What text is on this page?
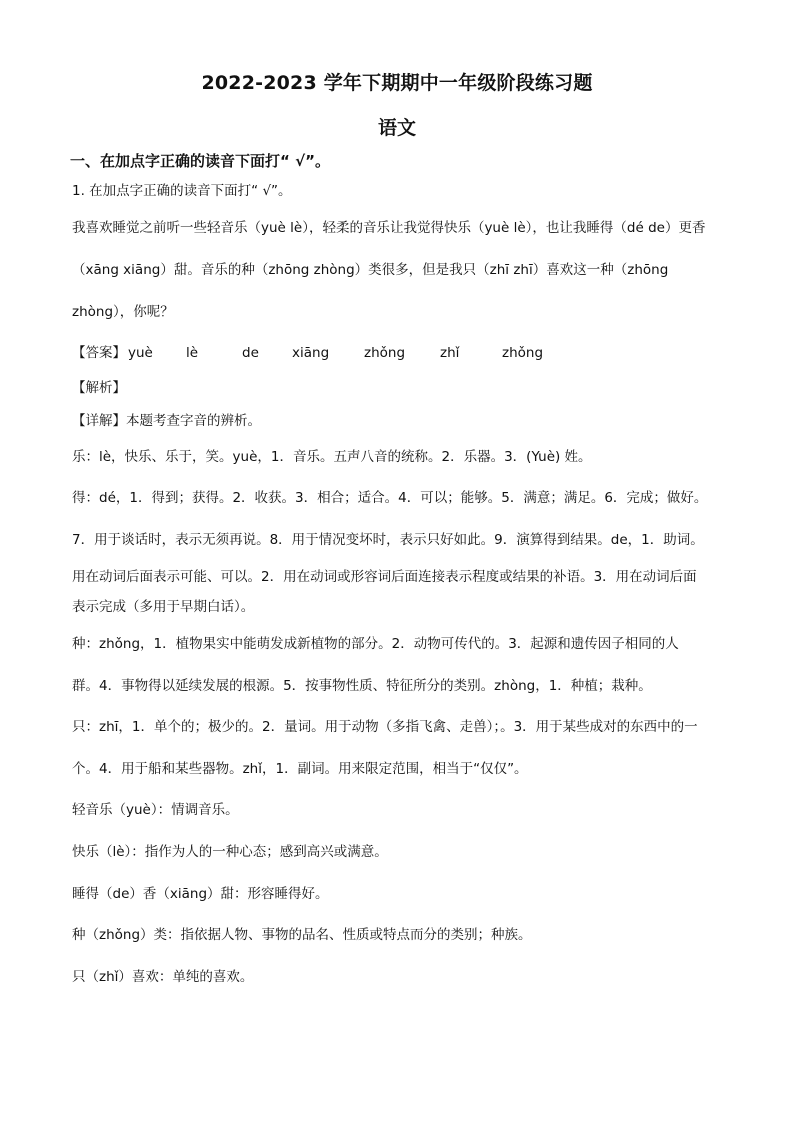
2022-2023 学年下期期中一年级阶段练习题
语文
一、在加点字正确的读音下面打“ √”。
1. 在加点字正确的读音下面打“ √”。
我喜欢睡觉之前听一些轻音乐（yuè lè），轻柔的音乐让我觉得快乐（yuè lè），也让我睡得（dé de）更香
（xāng xiāng）甜。音乐的种（zhōng zhòng）类很多，但是我只（zhī zhī）喜欢这一种（zhōng
zhòng），你呢？
【答案】 yuè lè	de xiāng	zhǒng	zhǐ	zhǒng
【解析】
【详解】本题考查字音的辨析。
乐：lè，快乐、乐于，笑。yuè，1．音乐。五声八音的统称。2．乐器。3．(Yuè) 姓。
得：dé，1．得到；获得。2．收获。3．相合；适合。4．可以；能够。5．满意；满足。6．完成；做好。
7．用于谈话时，表示无须再说。8．用于情况变坏时，表示只好如此。9．演算得到结果。de，1．助词。
用在动词后面表示可能、可以。2．用在动词或形容词后面连接表示程度或结果的补语。3．用在动词后面
表示完成（多用于早期白话）。
种：zhǒng，1．植物果实中能萌发成新植物的部分。2．动物可传代的。3．起源和遗传因子相同的人
群。4．事物得以延续发展的根源。5．按事物性质、特征所分的类别。zhòng，1．种植；栽种。
只：zhī，1．单个的；极少的。2．量词。用于动物（多指飞禽、走兽）；。3．用于某些成对的东西中的一
个。4．用于船和某些器物。zhǐ，1．副词。用来限定范围，相当于“仅仅”。
轻音乐（yuè）：情调音乐。
快乐（lè）：指作为人的一种心态；感到高兴或满意。
睡得（de）香（xiāng）甜：形容睡得好。
种（zhǒng）类：指依据人物、事物的品名、性质或特点而分的类别；种族。
只（zhǐ）喜欢：单纯的喜欢。
